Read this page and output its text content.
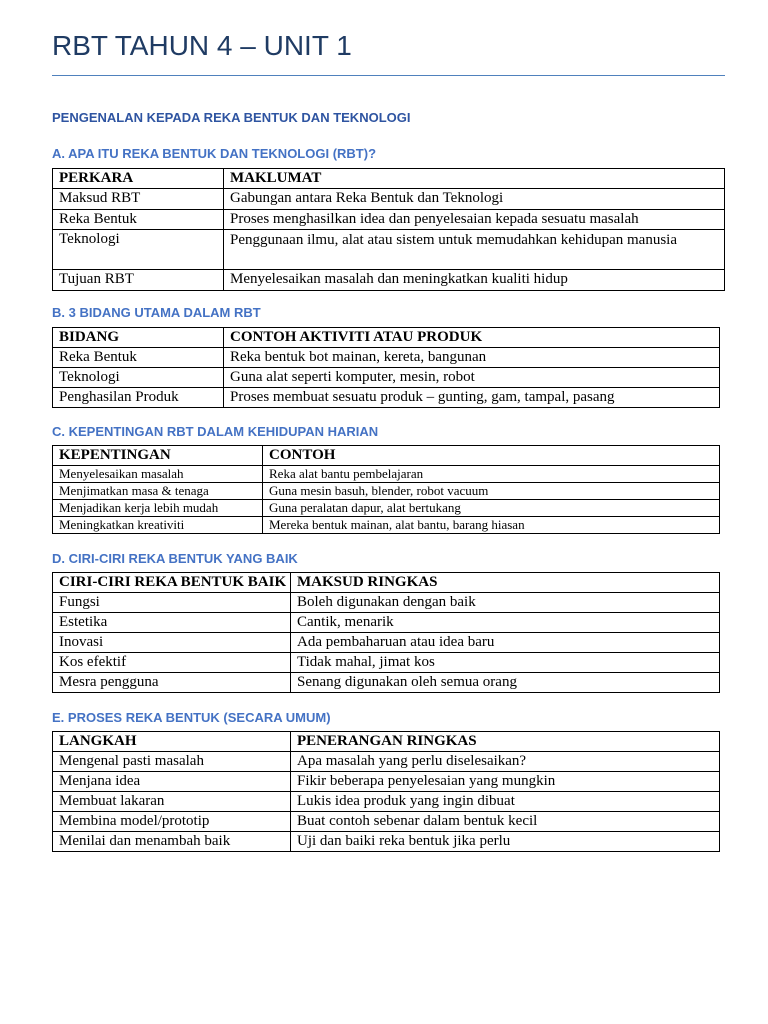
RBT TAHUN 4 – UNIT 1
PENGENALAN KEPADA REKA BENTUK DAN TEKNOLOGI
A. APA ITU REKA BENTUK DAN TEKNOLOGI (RBT)?
PERKARA	MAKLUMAT
Maksud RBT	Gabungan antara Reka Bentuk dan Teknologi
Reka Bentuk	Proses menghasilkan idea dan penyelesaian kepada sesuatu masalah
Teknologi	Penggunaan ilmu, alat atau sistem untuk memudahkan kehidupan manusia
Tujuan RBT	Menyelesaikan masalah dan meningkatkan kualiti hidup
B. 3 BIDANG UTAMA DALAM RBT
BIDANG	CONTOH AKTIVITI ATAU PRODUK
Reka Bentuk	Reka bentuk bot mainan, kereta, bangunan
Teknologi	Guna alat seperti komputer, mesin, robot
Penghasilan Produk	Proses membuat sesuatu produk – gunting, gam, tampal, pasang
C. KEPENTINGAN RBT DALAM KEHIDUPAN HARIAN
KEPENTINGAN	CONTOH
Menyelesaikan masalah	Reka alat bantu pembelajaran
Menjimatkan masa & tenaga	Guna mesin basuh, blender, robot vacuum
Menjadikan kerja lebih mudah	Guna peralatan dapur, alat bertukang
Meningkatkan kreativiti	Mereka bentuk mainan, alat bantu, barang hiasan
D. CIRI-CIRI REKA BENTUK YANG BAIK
CIRI-CIRI REKA BENTUK BAIK	MAKSUD RINGKAS
Fungsi	Boleh digunakan dengan baik
Estetika	Cantik, menarik
Inovasi	Ada pembaharuan atau idea baru
Kos efektif	Tidak mahal, jimat kos
Mesra pengguna	Senang digunakan oleh semua orang
E. PROSES REKA BENTUK (SECARA UMUM)
LANGKAH	PENERANGAN RINGKAS
Mengenal pasti masalah	Apa masalah yang perlu diselesaikan?
Menjana idea	Fikir beberapa penyelesaian yang mungkin
Membuat lakaran	Lukis idea produk yang ingin dibuat
Membina model/prototip	Buat contoh sebenar dalam bentuk kecil
Menilai dan menambah baik	Uji dan baiki reka bentuk jika perlu
